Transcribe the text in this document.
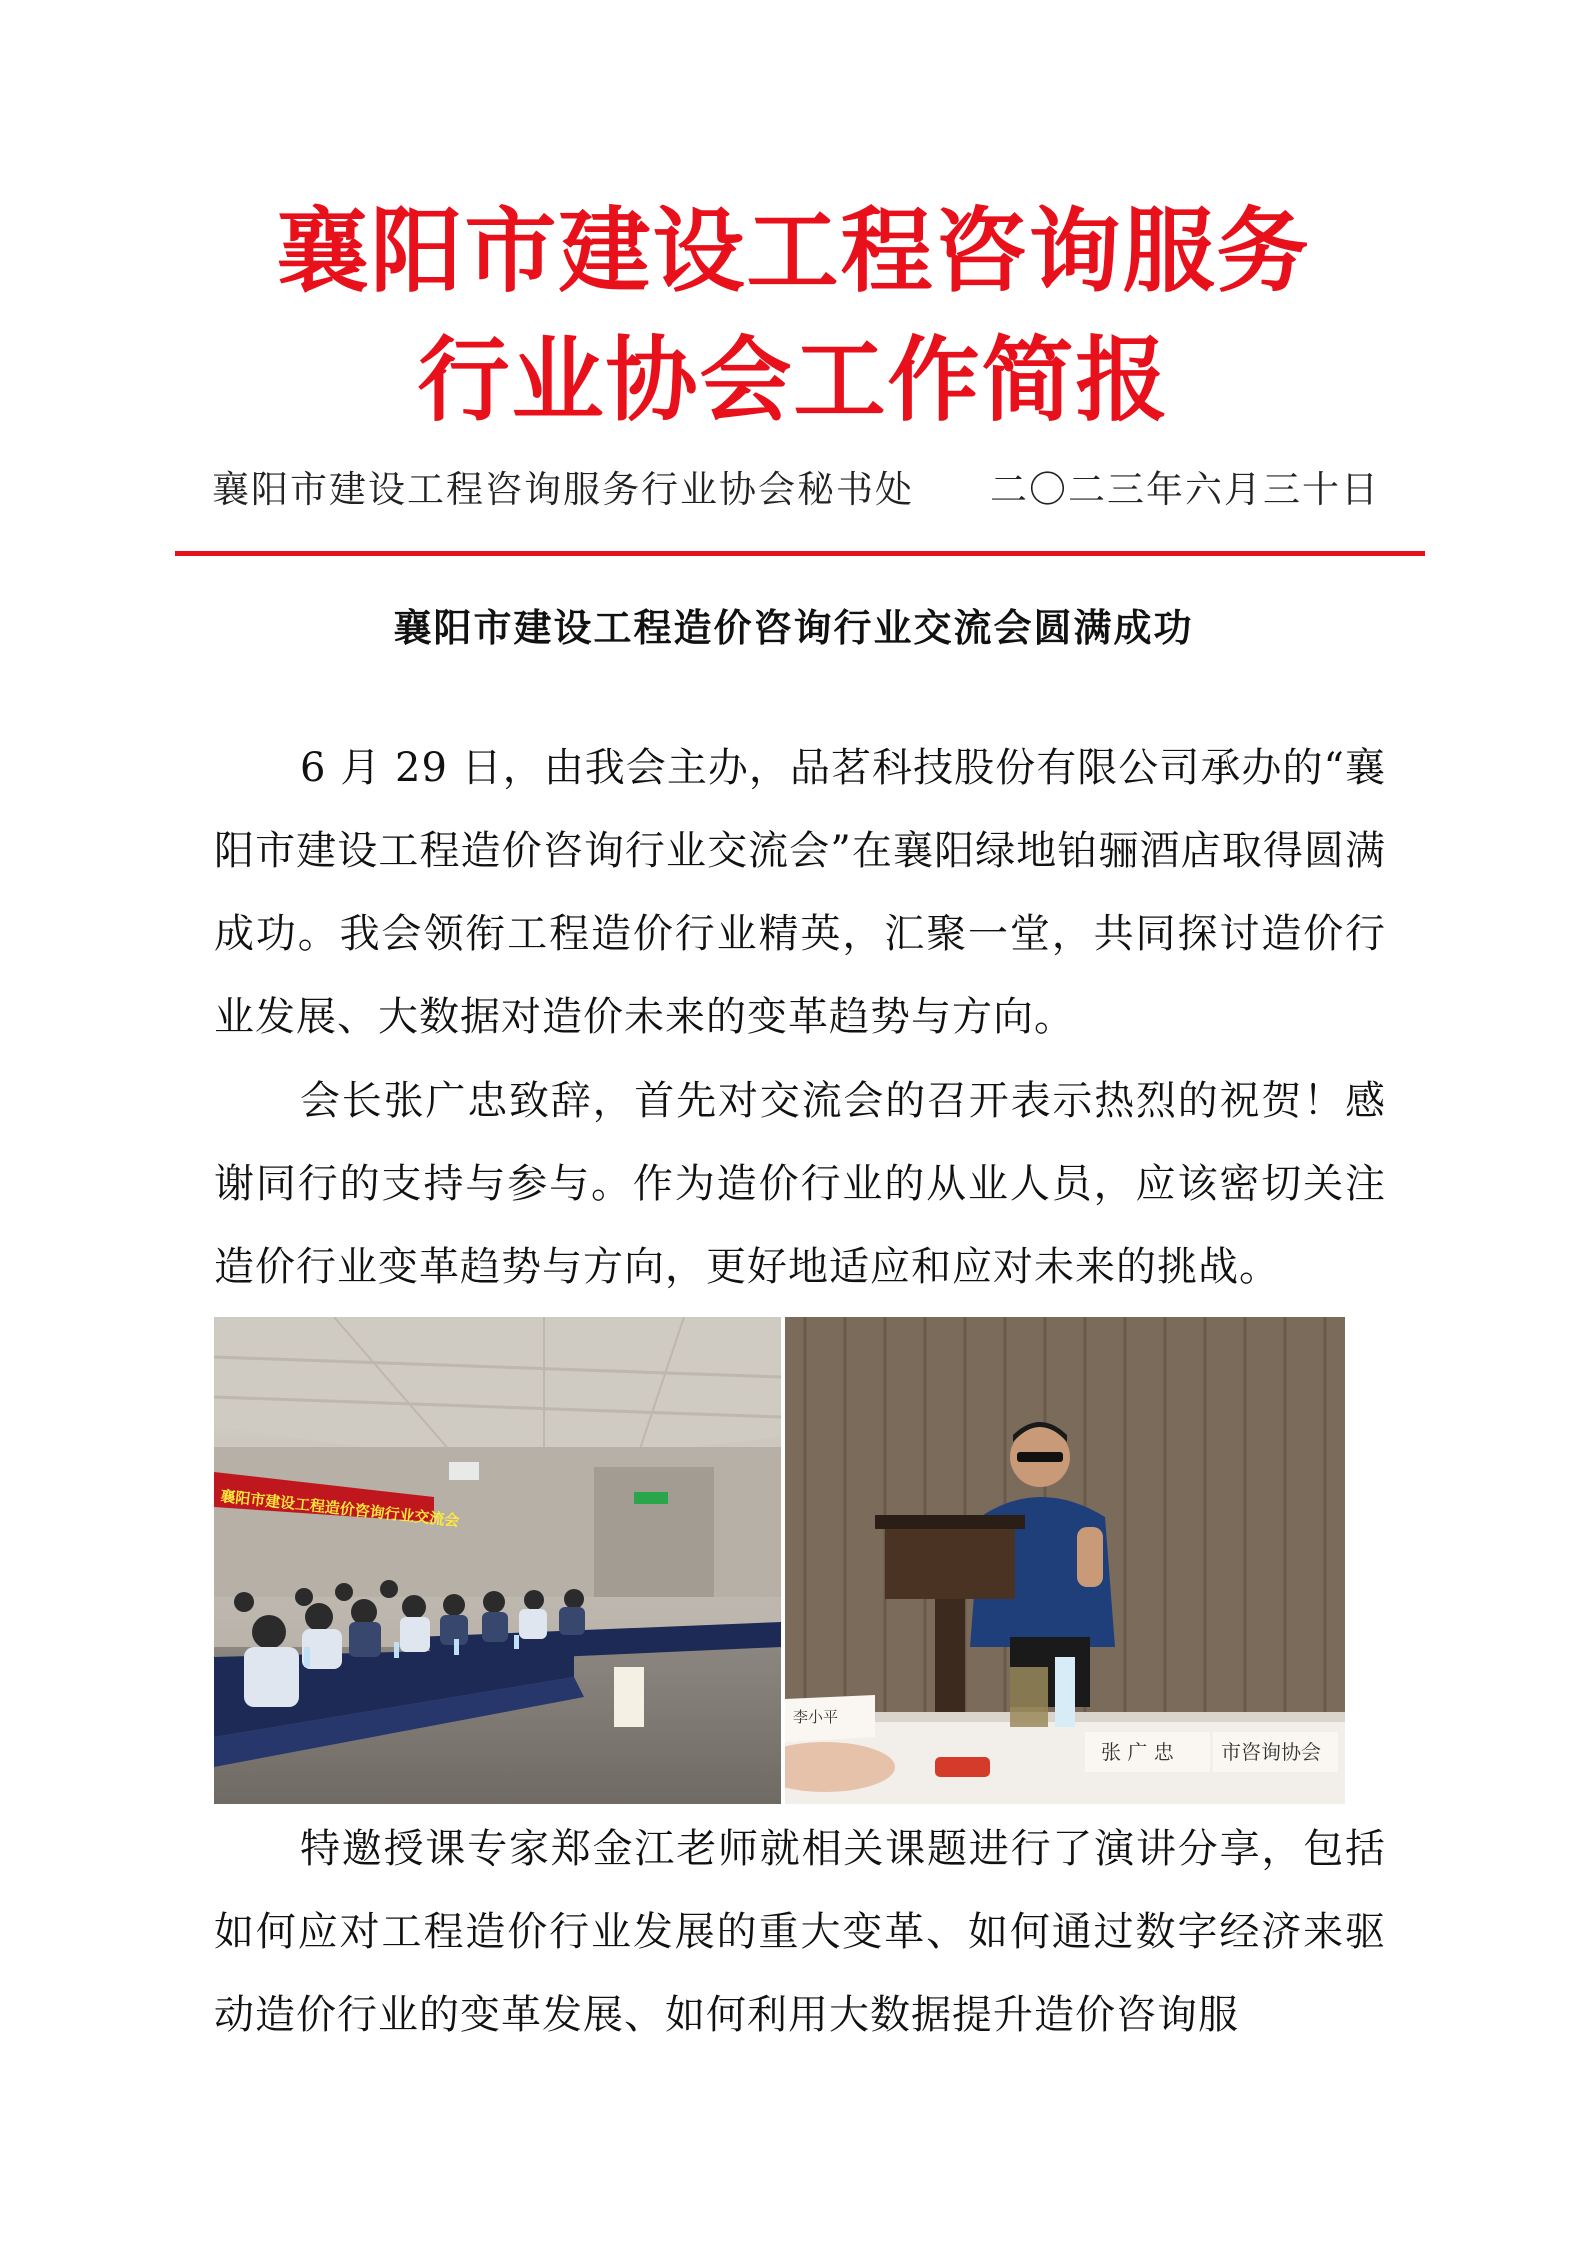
襄阳市建设工程咨询服务
行业协会工作简报
襄阳市建设工程咨询服务行业协会秘书处 二〇二三年六月三十日
襄阳市建设工程造价咨询行业交流会圆满成功

6 月 29 日，由我会主办，品茗科技股份有限公司承办的“襄阳市建设工程造价咨询行业交流会”在襄阳绿地铂骊酒店取得圆满成功。我会领衔工程造价行业精英，汇聚一堂，共同探讨造价行业发展、大数据对造价未来的变革趋势与方向。

会长张广忠致辞，首先对交流会的召开表示热烈的祝贺！感谢同行的支持与参与。作为造价行业的从业人员，应该密切关注造价行业变革趋势与方向，更好地适应和应对未来的挑战。

襄阳市建设工程造价咨询行业交流会
李小平
张 广 忠 市咨询协会

特邀授课专家郑金江老师就相关课题进行了演讲分享，包括如何应对工程造价行业发展的重大变革、如何通过数字经济来驱动造价行业的变革发展、如何利用大数据提升造价咨询服
